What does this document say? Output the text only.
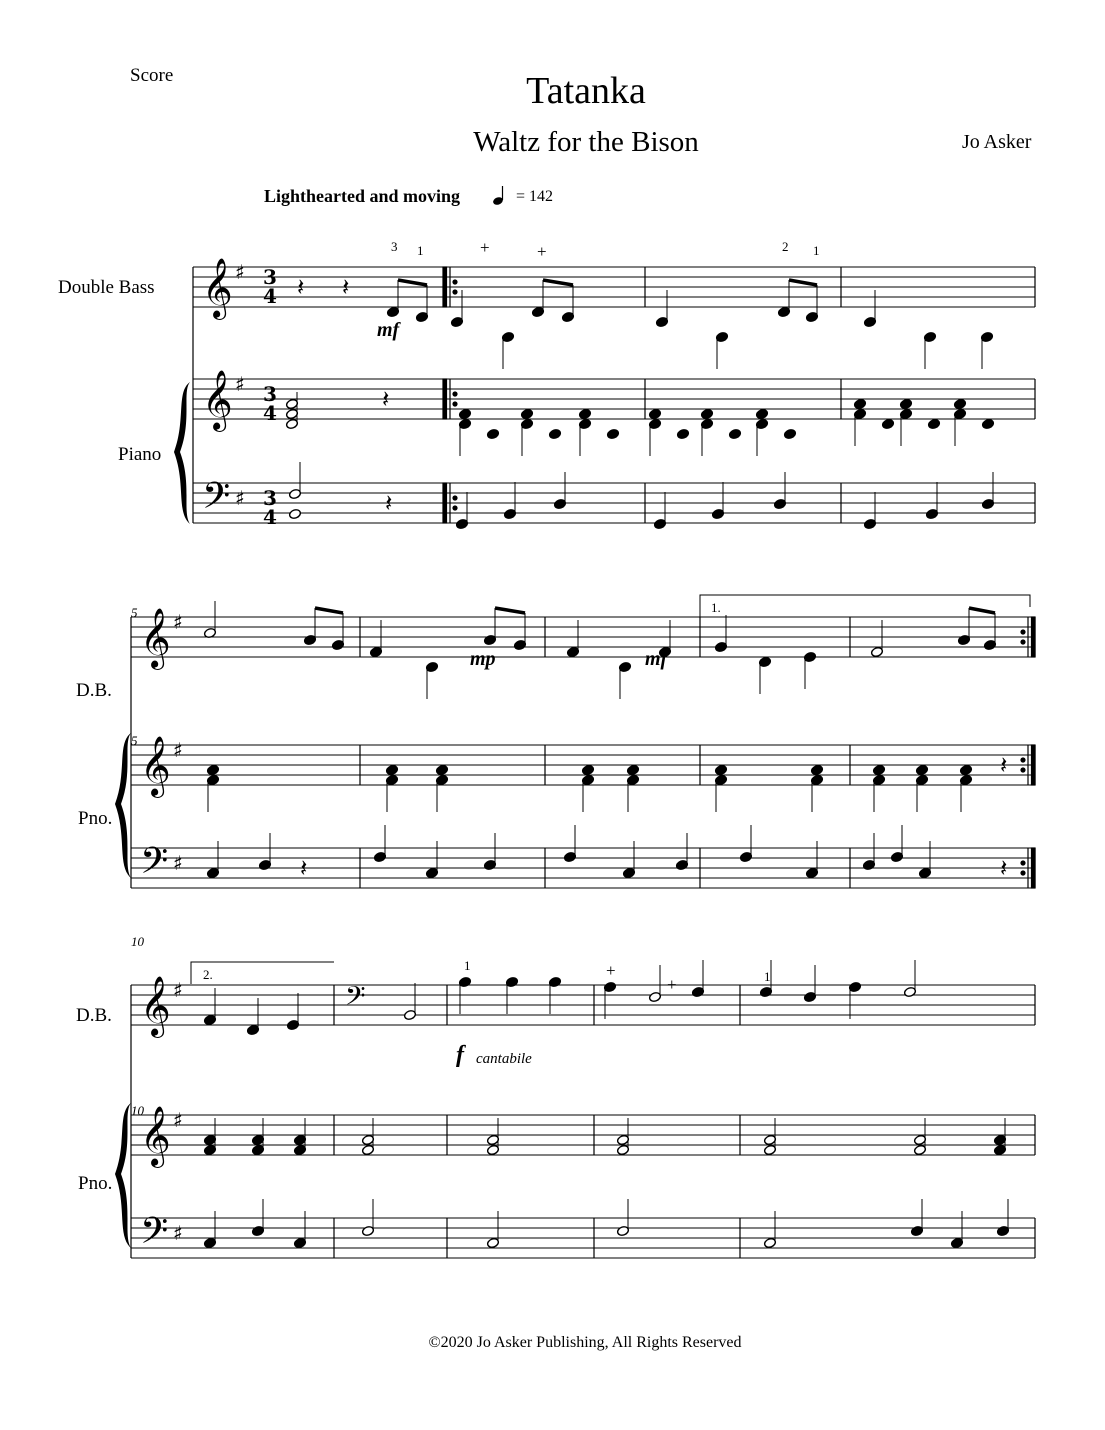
Score	Tatanka
Waltz for the Bison	Jo Asker
Lighthearted and moving	= 142
Double Bass
Piano
D.B.
Pno.
D.B.
Pno.
𝄞 ♯
𝄞 ♯
𝄢 ♯
𝄞 ♯
𝄞 ♯
𝄢 ♯
𝄞 ♯
𝄞 ♯
𝄢 ♯
𝄢
𝄽 𝄽
𝄽
𝄽
𝄽
𝄽	𝄽
3
4
3
4
3
4
5
5
10
10
mf
mp	mf
f cantabile
3 1	+	+	2 1
1	+
+	1
1.
2.
©2020 Jo Asker Publishing, All Rights Reserved
